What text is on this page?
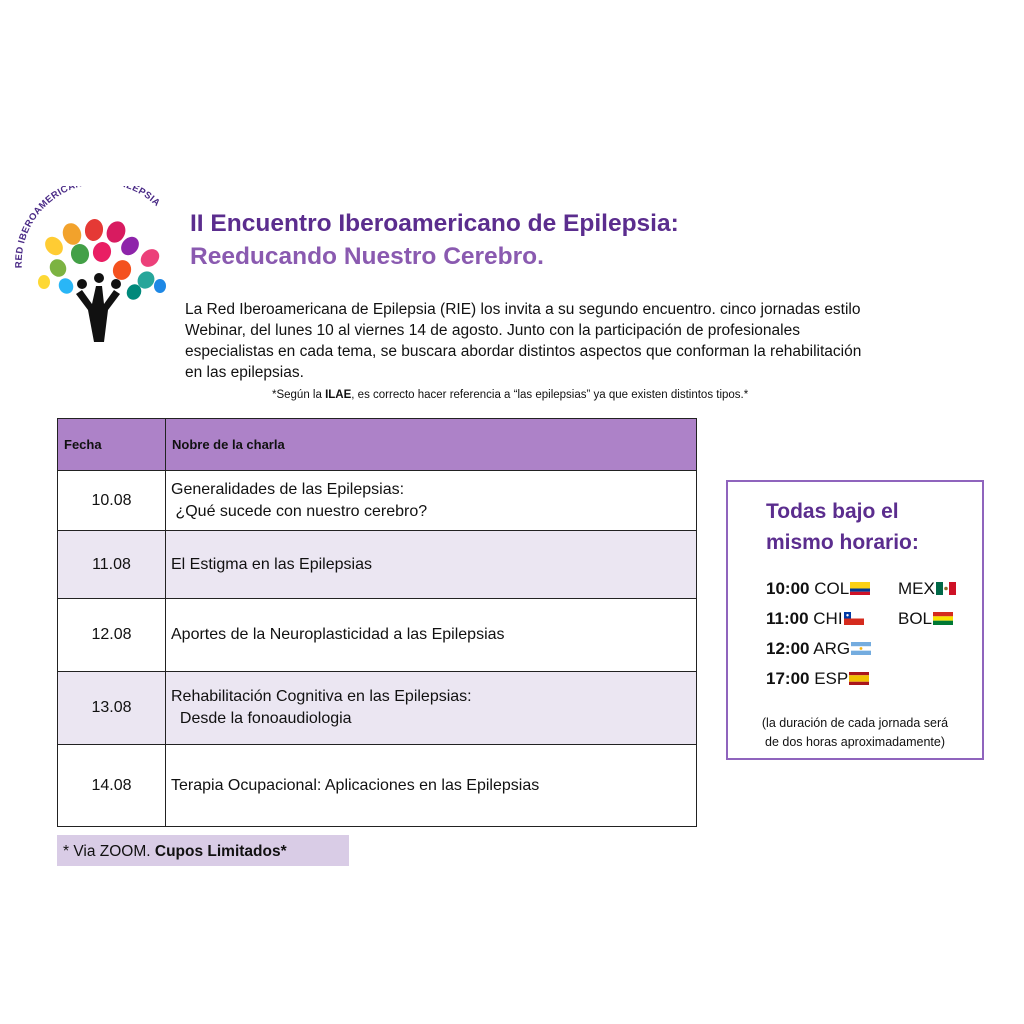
RED IBEROAMERICA LEPSIA
II Encuentro Iberoamericano de Epilepsia:
Reeducando Nuestro Cerebro.
La Red Iberoamericana de Epilepsia (RIE) los invita a su segundo encuentro. cinco jornadas estilo
Webinar, del lunes 10 al viernes 14 de agosto. Junto con la participación de profesionales
especialistas en cada tema, se buscara abordar distintos aspectos que conforman la rehabilitación
en las epilepsias.
*Según la ILAE, es correcto hacer referencia a “las epilepsias” ya que existen distintos tipos.*
Fecha	Nobre de la charla
10.08	Generalidades de las Epilepsias:
¿Qué sucede con nuestro cerebro?

11.08	El Estigma en las Epilepsias
12.08	Aportes de la Neuroplasticidad a las Epilepsias
13.08	Rehabilitación Cognitiva en las Epilepsias:
Desde la fonoaudiologia

14.08	Terapia Ocupacional: Aplicaciones en las Epilepsias
* Via ZOOM. Cupos Limitados*
Todas bajo el
mismo horario:
10:00 COL	MEX
11:00 CHI	BOL
12:00 ARG
17:00 ESP
(la duración de cada jornada será
de dos horas aproximadamente)
